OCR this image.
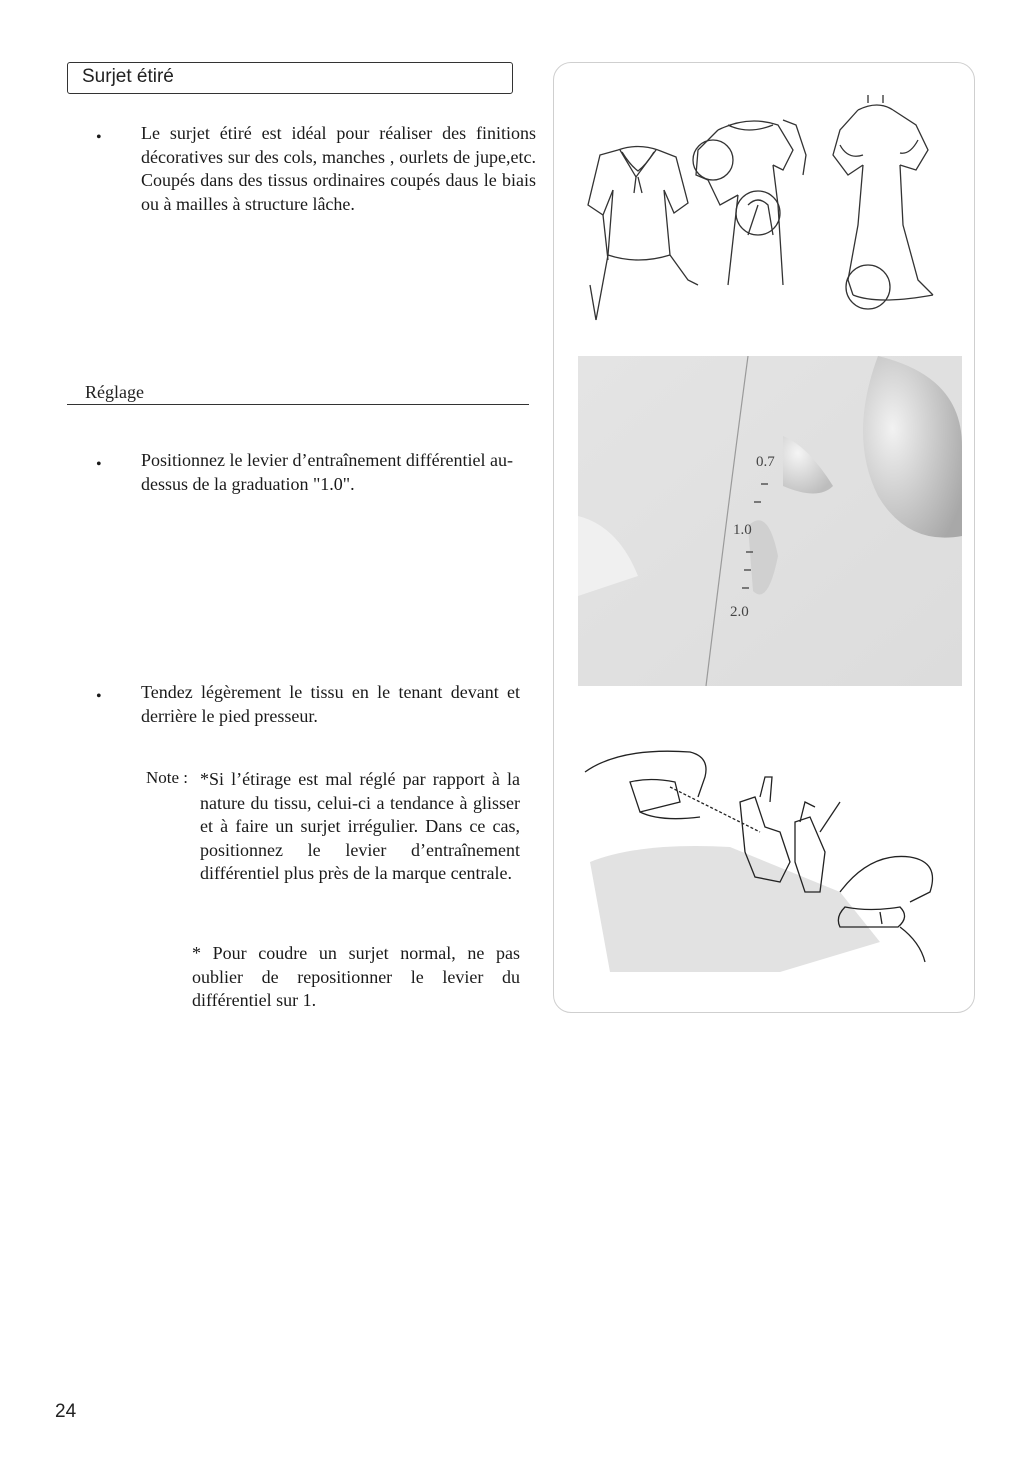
Surjet étiré
• Le surjet étiré est idéal pour réaliser des finitions décoratives sur des cols, manches , ourlets de jupe,etc. Coupés dans des tissus ordinaires coupés daus le biais ou à mailles à structure lâche.
Réglage
• Positionnez le levier d’entraînement différentiel au-dessus de la graduation "1.0".
• Tendez légèrement le tissu en le tenant devant et derrière le pied presseur.
Note : *Si l’étirage est mal réglé par rapport à la nature du tissu, celui-ci a tendance à glisser et à faire un surjet irrégulier. Dans ce cas, positionnez le levier d’entraînement différentiel plus près de la marque centrale.
* Pour coudre un surjet normal, ne pas oublier de repositionner le levier du différentiel sur 1.
24
0.7
1.0
2.0
